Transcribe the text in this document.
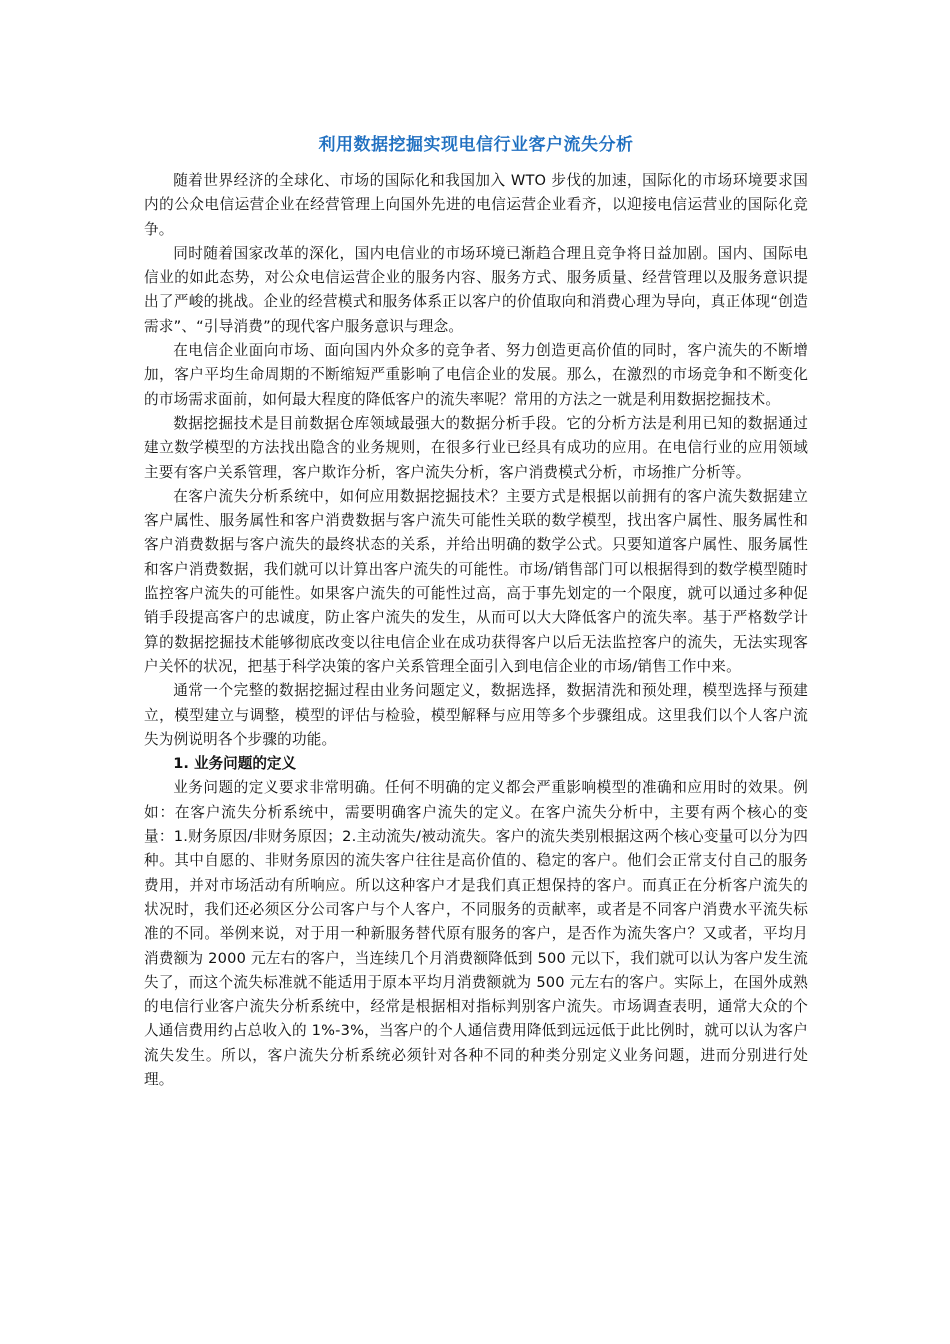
利用数据挖掘实现电信行业客户流失分析

随着世界经济的全球化、市场的国际化和我国加入 WTO 步伐的加速，国际化的市场环境要求国内的公众电信运营企业在经营管理上向国外先进的电信运营企业看齐，以迎接电信运营业的国际化竞争。

同时随着国家改革的深化，国内电信业的市场环境已渐趋合理且竞争将日益加剧。国内、国际电信业的如此态势，对公众电信运营企业的服务内容、服务方式、服务质量、经营管理以及服务意识提出了严峻的挑战。企业的经营模式和服务体系正以客户的价值取向和消费心理为导向，真正体现“创造需求”、“引导消费”的现代客户服务意识与理念。

在电信企业面向市场、面向国内外众多的竞争者、努力创造更高价值的同时，客户流失的不断增加，客户平均生命周期的不断缩短严重影响了电信企业的发展。那么，在激烈的市场竞争和不断变化的市场需求面前，如何最大程度的降低客户的流失率呢？常用的方法之一就是利用数据挖掘技术。

数据挖掘技术是目前数据仓库领域最强大的数据分析手段。它的分析方法是利用已知的数据通过建立数学模型的方法找出隐含的业务规则，在很多行业已经具有成功的应用。在电信行业的应用领域主要有客户关系管理，客户欺诈分析，客户流失分析，客户消费模式分析，市场推广分析等。

在客户流失分析系统中，如何应用数据挖掘技术？主要方式是根据以前拥有的客户流失数据建立客户属性、服务属性和客户消费数据与客户流失可能性关联的数学模型，找出客户属性、服务属性和客户消费数据与客户流失的最终状态的关系，并给出明确的数学公式。只要知道客户属性、服务属性和客户消费数据，我们就可以计算出客户流失的可能性。市场/销售部门可以根据得到的数学模型随时监控客户流失的可能性。如果客户流失的可能性过高，高于事先划定的一个限度，就可以通过多种促销手段提高客户的忠诚度，防止客户流失的发生，从而可以大大降低客户的流失率。基于严格数学计算的数据挖掘技术能够彻底改变以往电信企业在成功获得客户以后无法监控客户的流失，无法实现客户关怀的状况，把基于科学决策的客户关系管理全面引入到电信企业的市场/销售工作中来。

通常一个完整的数据挖掘过程由业务问题定义，数据选择，数据清洗和预处理，模型选择与预建立，模型建立与调整，模型的评估与检验，模型解释与应用等多个步骤组成。这里我们以个人客户流失为例说明各个步骤的功能。

1. 业务问题的定义

业务问题的定义要求非常明确。任何不明确的定义都会严重影响模型的准确和应用时的效果。例如：在客户流失分析系统中，需要明确客户流失的定义。在客户流失分析中，主要有两个核心的变量：1.财务原因/非财务原因；2.主动流失/被动流失。客户的流失类别根据这两个核心变量可以分为四种。其中自愿的、非财务原因的流失客户往往是高价值的、稳定的客户。他们会正常支付自己的服务费用，并对市场活动有所响应。所以这种客户才是我们真正想保持的客户。而真正在分析客户流失的状况时，我们还必须区分公司客户与个人客户，不同服务的贡献率，或者是不同客户消费水平流失标准的不同。举例来说，对于用一种新服务替代原有服务的客户，是否作为流失客户？又或者，平均月消费额为 2000 元左右的客户，当连续几个月消费额降低到 500 元以下，我们就可以认为客户发生流失了，而这个流失标准就不能适用于原本平均月消费额就为 500 元左右的客户。实际上，在国外成熟的电信行业客户流失分析系统中，经常是根据相对指标判别客户流失。市场调查表明，通常大众的个人通信费用约占总收入的 1%-3%，当客户的个人通信费用降低到远远低于此比例时，就可以认为客户流失发生。所以，客户流失分析系统必须针对各种不同的种类分别定义业务问题，进而分别进行处理。
